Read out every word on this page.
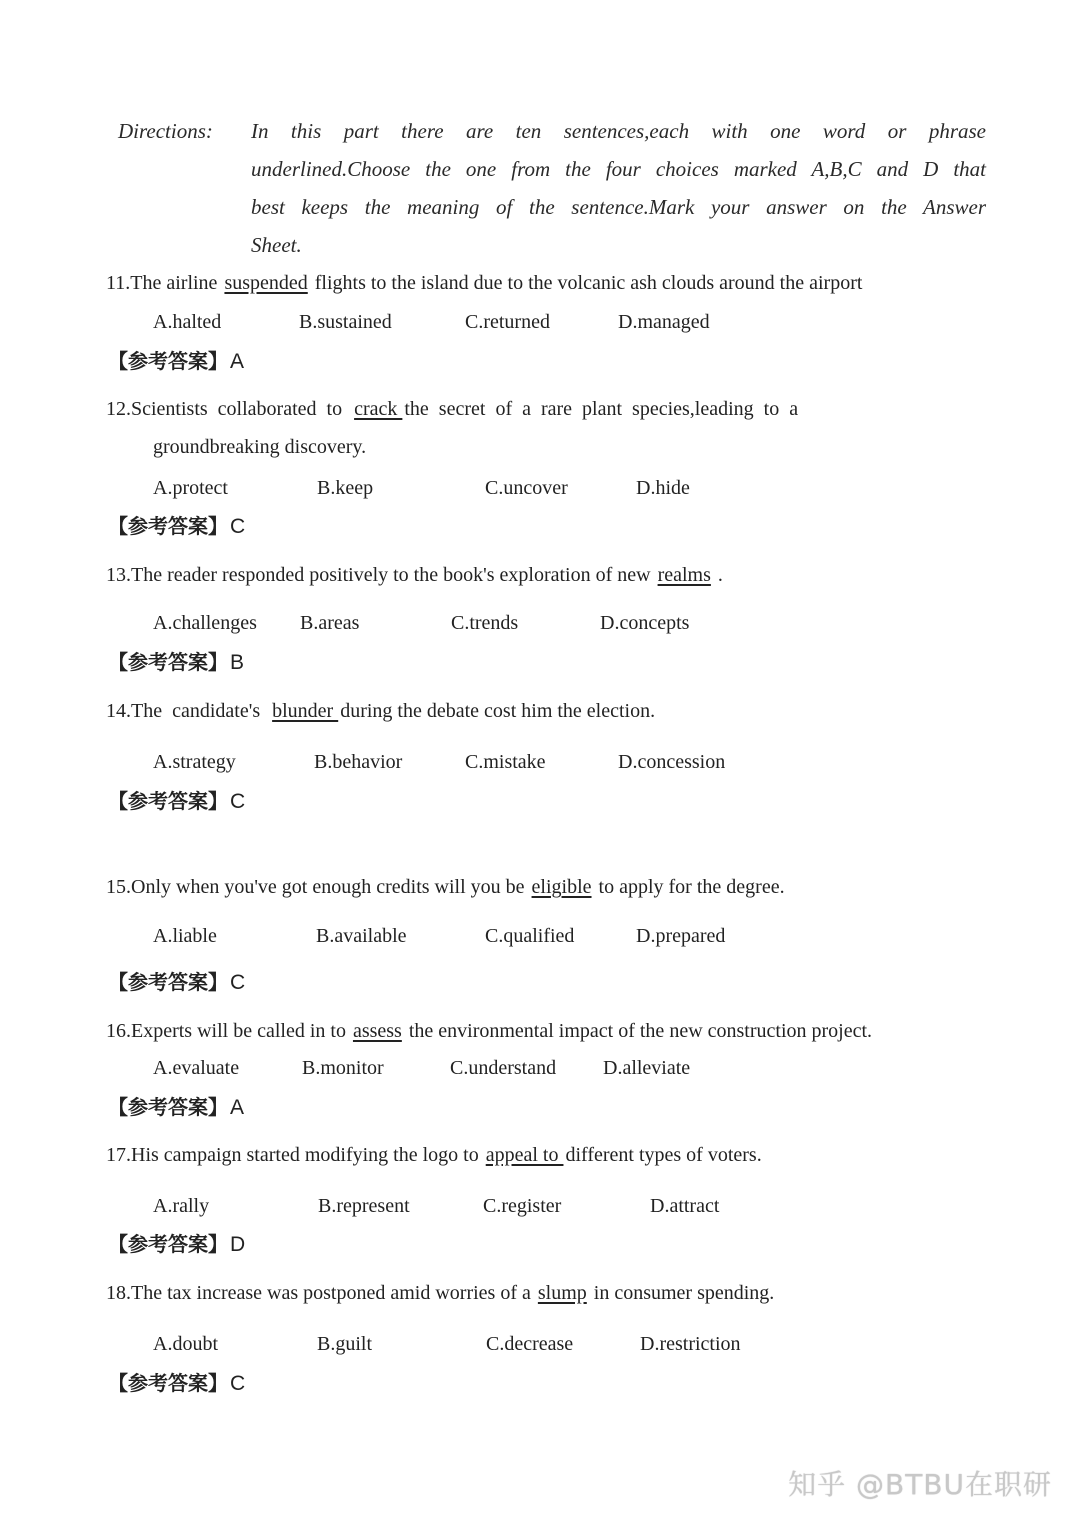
Directions: In this part there are ten sentences,each with one word or phrase underlined.Choose the one from the four choices marked A,B,C and D that best keeps the meaning of the sentence.Mark your answer on the Answer Sheet.
11.The airline suspended flights to the island due to the volcanic ash clouds around the airport
A.halted	B.sustained	C.returned	D.managed
【参考答案】A
12.Scientists  collaborated  to  crack the  secret  of  a  rare  plant  species,leading  to  a
groundbreaking discovery.
A.protect	B.keep	C.uncover	D.hide
【参考答案】C
13.The reader responded positively to the book's exploration of new realms .
A.challenges B.areas	C.trends	D.concepts
【参考答案】B
14.The  candidate's  blunder during the debate cost him the election.
A.strategy	B.behavior	C.mistake	D.concession
【参考答案】C
15.Only when you've got enough credits will you be eligible to apply for the degree.
A.liable	B.available	C.qualified	D.prepared
【参考答案】C
16.Experts will be called in to assess the environmental impact of the new construction project.
A.evaluate	B.monitor	C.understand D.alleviate
【参考答案】A
17.His campaign started modifying the logo to appeal to different types of voters.
A.rally	B.represent	C.register	D.attract
【参考答案】D
18.The tax increase was postponed amid worries of a slump in consumer spending.
A.doubt	B.guilt	C.decrease	D.restriction
【参考答案】C
知乎 @BTBU在职研
